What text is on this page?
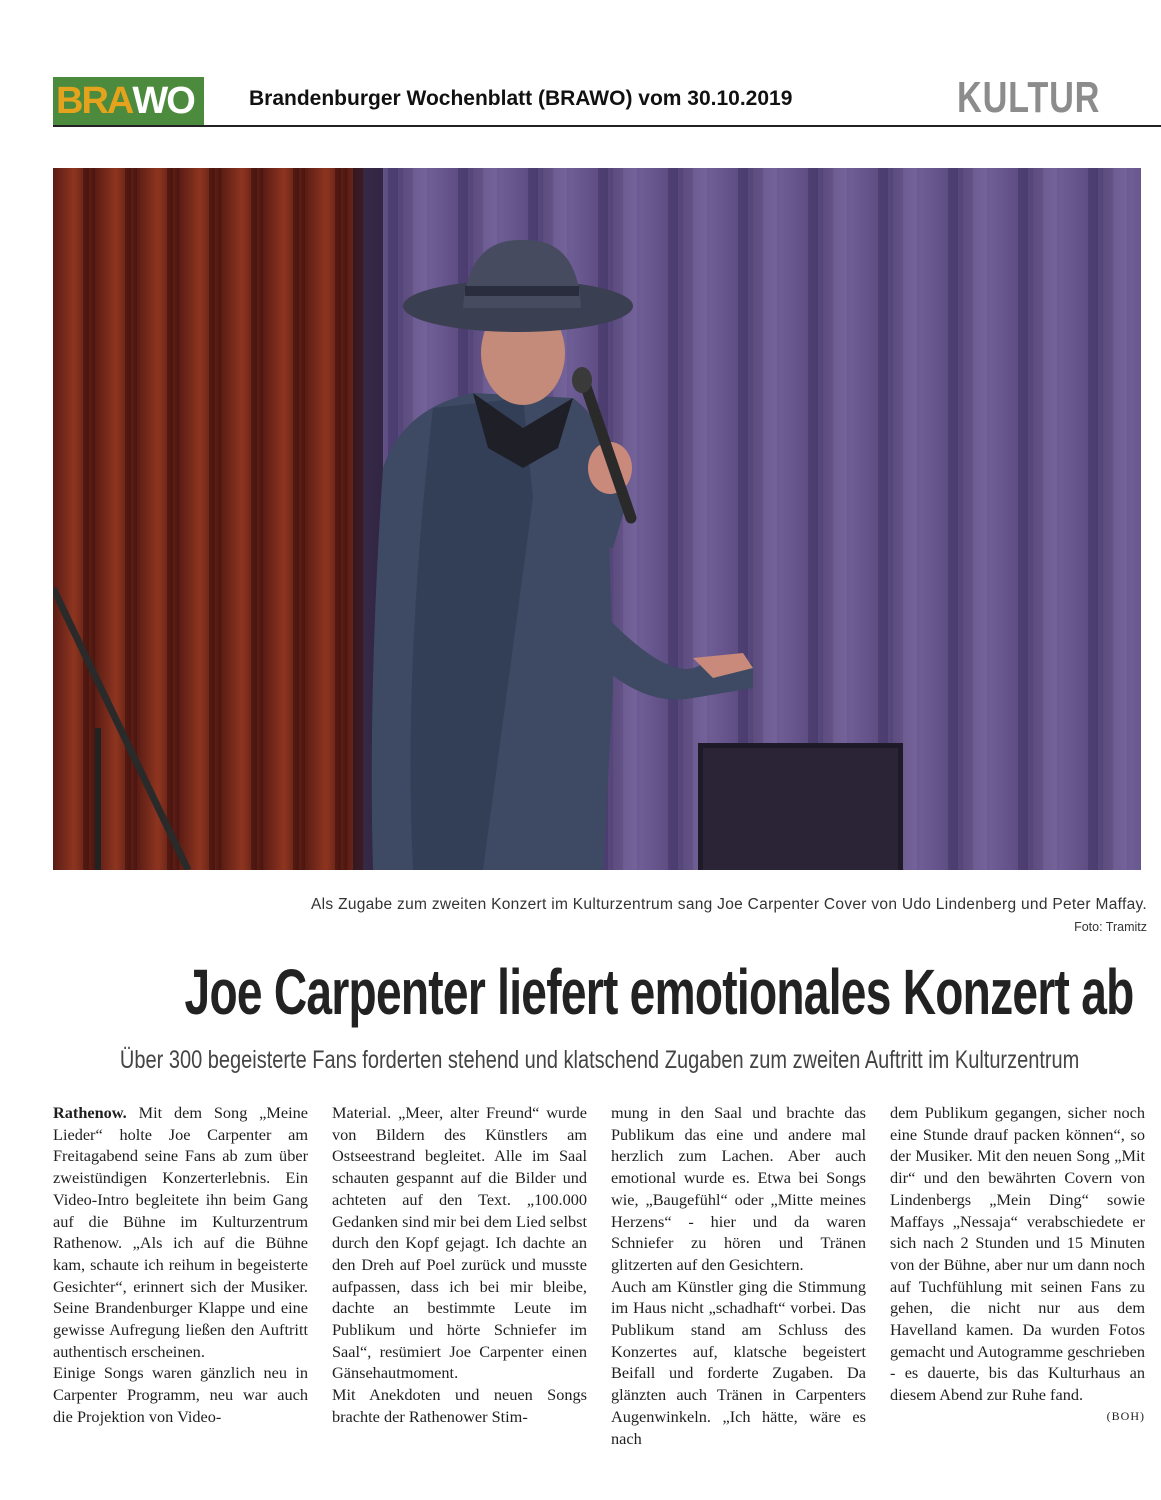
BRA WO	Brandenburger Wochenblatt (BRAWO) vom 30.10.2019	KULTUR
Als Zugabe zum zweiten Konzert im Kulturzentrum sang Joe Carpenter Cover von Udo Lindenberg und Peter Maffay.
Foto: Tramitz
Joe Carpenter liefert emotionales Konzert ab
Über 300 begeisterte Fans forderten stehend und klatschend Zugaben zum zweiten Auftritt im Kulturzentrum

Rathenow. Mit dem Song „Meine Lieder“ holte Joe Carpenter am Freitagabend seine Fans ab zum über zweistündigen Konzerterlebnis. Ein Video-Intro begleitete ihn beim Gang auf die Bühne im Kulturzentrum Rathenow. „Als ich auf die Bühne kam, schaute ich reihum in begeisterte Gesichter“, erinnert sich der Musiker. Seine Brandenburger Klappe und eine gewisse Aufregung ließen den Auftritt authentisch erscheinen.

Einige Songs waren gänzlich neu in Carpenter Programm, neu war auch die Projektion von Video-

Material. „Meer, alter Freund“ wurde von Bildern des Künstlers am Ostseestrand begleitet. Alle im Saal schauten gespannt auf die Bilder und achteten auf den Text. „100.000 Gedanken sind mir bei dem Lied selbst durch den Kopf gejagt. Ich dachte an den Dreh auf Poel zurück und musste aufpassen, dass ich bei mir bleibe, dachte an bestimmte Leute im Publikum und hörte Schniefer im Saal“, resümiert Joe Carpenter einen Gänsehautmoment.

Mit Anekdoten und neuen Songs brachte der Rathenower Stim-

mung in den Saal und brachte das Publikum das eine und andere mal herzlich zum Lachen. Aber auch emotional wurde es. Etwa bei Songs wie, „Baugefühl“ oder „Mitte meines Herzens“ - hier und da waren Schniefer zu hören und Tränen glitzerten auf den Gesichtern.

Auch am Künstler ging die Stimmung im Haus nicht „schadhaft“ vorbei. Das Publikum stand am Schluss des Konzertes auf, klatsche begeistert Beifall und forderte Zugaben. Da glänzten auch Tränen in Carpenters Augenwinkeln. „Ich hätte, wäre es nach

dem Publikum gegangen, sicher noch eine Stunde drauf packen können“, so der Musiker. Mit den neuen Song „Mit dir“ und den bewährten Covern von Lindenbergs „Mein Ding“ sowie Maffays „Nessaja“ verabschiedete er sich nach 2 Stunden und 15 Minuten von der Bühne, aber nur um dann noch auf Tuchfühlung mit seinen Fans zu gehen, die nicht nur aus dem Havelland kamen. Da wurden Fotos gemacht und Autogramme geschrieben - es dauerte, bis das Kulturhaus an diesem Abend zur Ruhe fand.

(BOH)
